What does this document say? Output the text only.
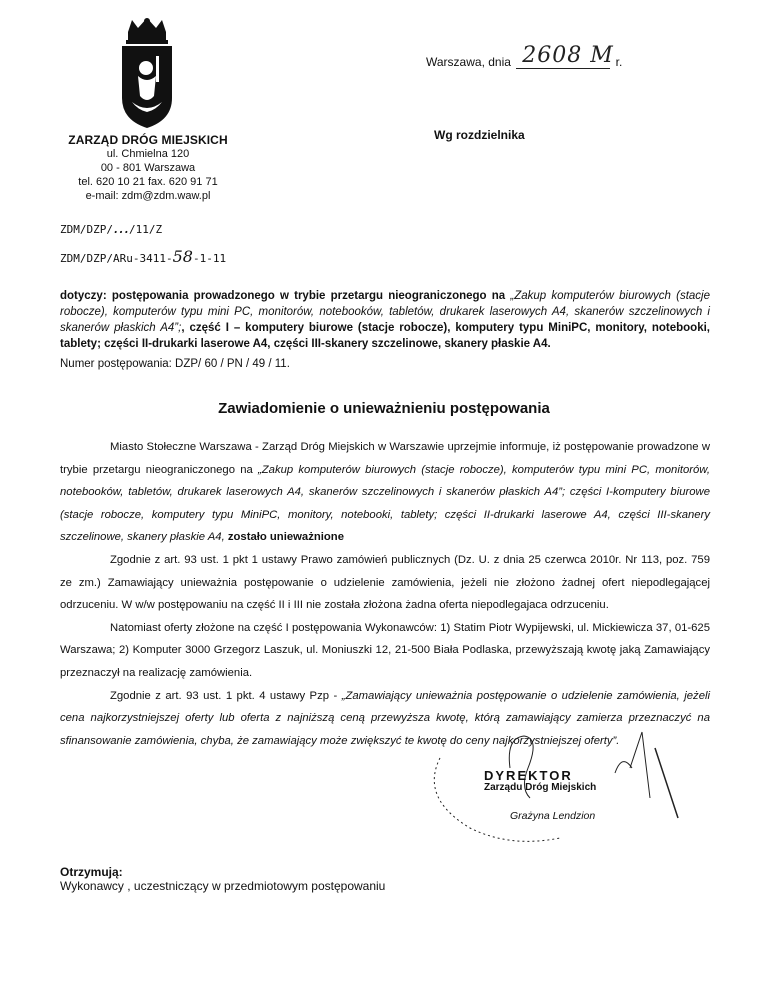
ZARZĄD DRÓG MIEJSKICH
ul. Chmielna 120
00 - 801 Warszawa
tel. 620 10 21 fax. 620 91 71
e-mail: zdm@zdm.waw.pl
Warszawa, dnia 2608 M r.
Wg rozdzielnika
ZDM/DZP/…/11/Z
ZDM/DZP/ARu-3411-58-1-11
dotyczy: postępowania prowadzonego w trybie przetargu nieograniczonego na „Zakup komputerów biurowych (stacje robocze), komputerów typu mini PC, monitorów, notebooków, tabletów, drukarek laserowych A4, skanerów szczelinowych i skanerów płaskich A4”;, część I – komputery biurowe (stacje robocze), komputery typu MiniPC, monitory, notebooki, tablety; części II-drukarki laserowe A4, części III-skanery szczelinowe, skanery płaskie A4.
Numer postępowania: DZP/ 60 / PN / 49 / 11.
Zawiadomienie o unieważnieniu postępowania

Miasto Stołeczne Warszawa - Zarząd Dróg Miejskich w Warszawie uprzejmie informuje, iż postępowanie prowadzone w trybie przetargu nieograniczonego na „Zakup komputerów biurowych (stacje robocze), komputerów typu mini PC, monitorów, notebooków, tabletów, drukarek laserowych A4, skanerów szczelinowych i skanerów płaskich A4”; części I-komputery biurowe (stacje robocze, komputery typu MiniPC, monitory, notebooki, tablety; części II-drukarki laserowe A4, części III-skanery szczelinowe, skanery płaskie A4, zostało unieważnione

Zgodnie z art. 93 ust. 1 pkt 1 ustawy Prawo zamówień publicznych (Dz. U. z dnia 25 czerwca 2010r. Nr 113, poz. 759 ze zm.) Zamawiający unieważnia postępowanie o udzielenie zamówienia, jeżeli nie złożono żadnej ofert niepodlegającej odrzuceniu. W w/w postępowaniu na część II i III nie została złożona żadna oferta niepodlegajaca odrzuceniu.

Natomiast oferty złożone na część I postępowania Wykonawców: 1) Statim Piotr Wypijewski, ul. Mickiewicza 37, 01-625 Warszawa; 2) Komputer 3000 Grzegorz Laszuk, ul. Moniuszki 12, 21-500 Biała Podlaska, przewyższają kwotę jaką Zamawiający przeznaczył na realizację zamówienia.

Zgodnie z art. 93 ust. 1 pkt. 4 ustawy Pzp - „Zamawiający unieważnia postępowanie o udzielenie zamówienia, jeżeli cena najkorzystniejszej oferty lub oferta z najniższą ceną przewyższa kwotę, którą zamawiający zamierza przeznaczyć na sfinansowanie zamówienia, chyba, że zamawiający może zwiększyć te kwotę do ceny najkorzystniejszej oferty”.

DYREKTOR
Zarządu Dróg Miejskich
Grażyna Lendzion
Otrzymują:
Wykonawcy , uczestniczący w przedmiotowym postępowaniu
